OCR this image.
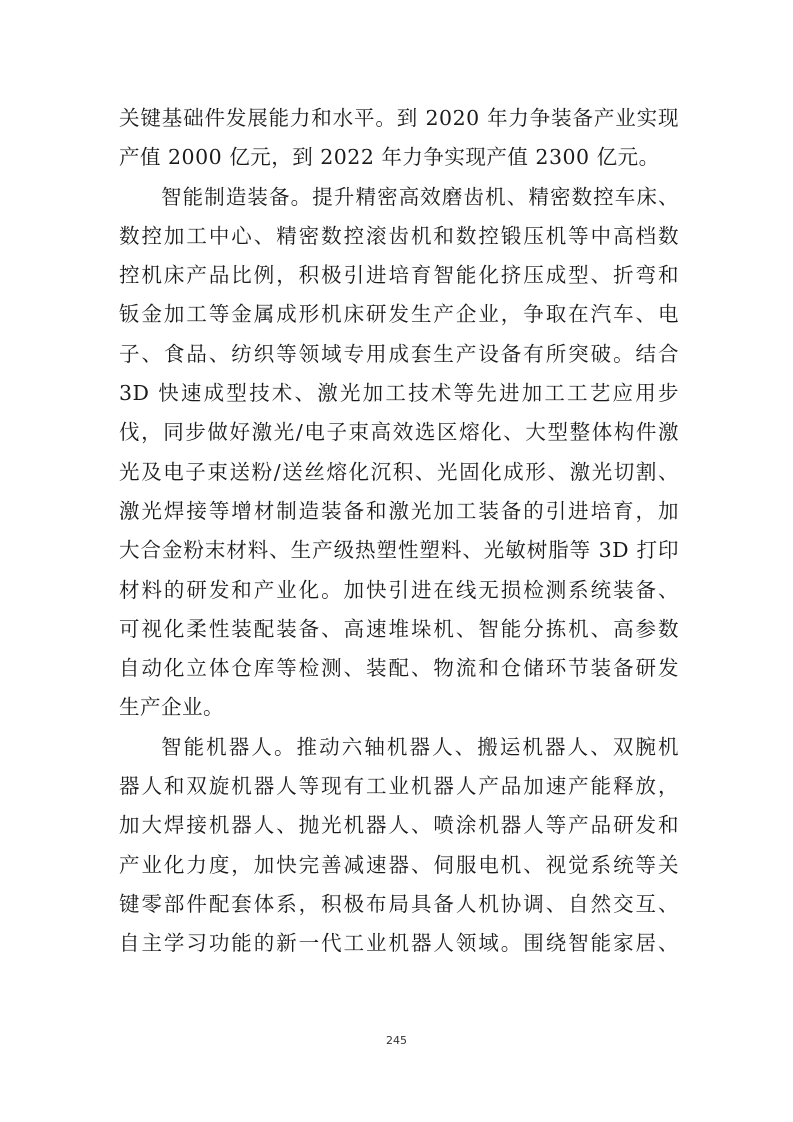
关键基础件发展能力和水平。到 2020 年力争装备产业实现
产值 2000 亿元，到 2022 年力争实现产值 2300 亿元。
智能制造装备。提升精密高效磨齿机、精密数控车床、
数控加工中心、精密数控滚齿机和数控锻压机等中高档数
控机床产品比例，积极引进培育智能化挤压成型、折弯和
钣金加工等金属成形机床研发生产企业，争取在汽车、电
子、食品、纺织等领域专用成套生产设备有所突破。结合
3D 快速成型技术、激光加工技术等先进加工工艺应用步
伐，同步做好激光/电子束高效选区熔化、大型整体构件激
光及电子束送粉/送丝熔化沉积、光固化成形、激光切割、
激光焊接等增材制造装备和激光加工装备的引进培育，加
大合金粉末材料、生产级热塑性塑料、光敏树脂等 3D 打印
材料的研发和产业化。加快引进在线无损检测系统装备、
可视化柔性装配装备、高速堆垛机、智能分拣机、高参数
自动化立体仓库等检测、装配、物流和仓储环节装备研发
生产企业。
智能机器人。推动六轴机器人、搬运机器人、双腕机
器人和双旋机器人等现有工业机器人产品加速产能释放，
加大焊接机器人、抛光机器人、喷涂机器人等产品研发和
产业化力度，加快完善减速器、伺服电机、视觉系统等关
键零部件配套体系，积极布局具备人机协调、自然交互、
自主学习功能的新一代工业机器人领域。围绕智能家居、
245
